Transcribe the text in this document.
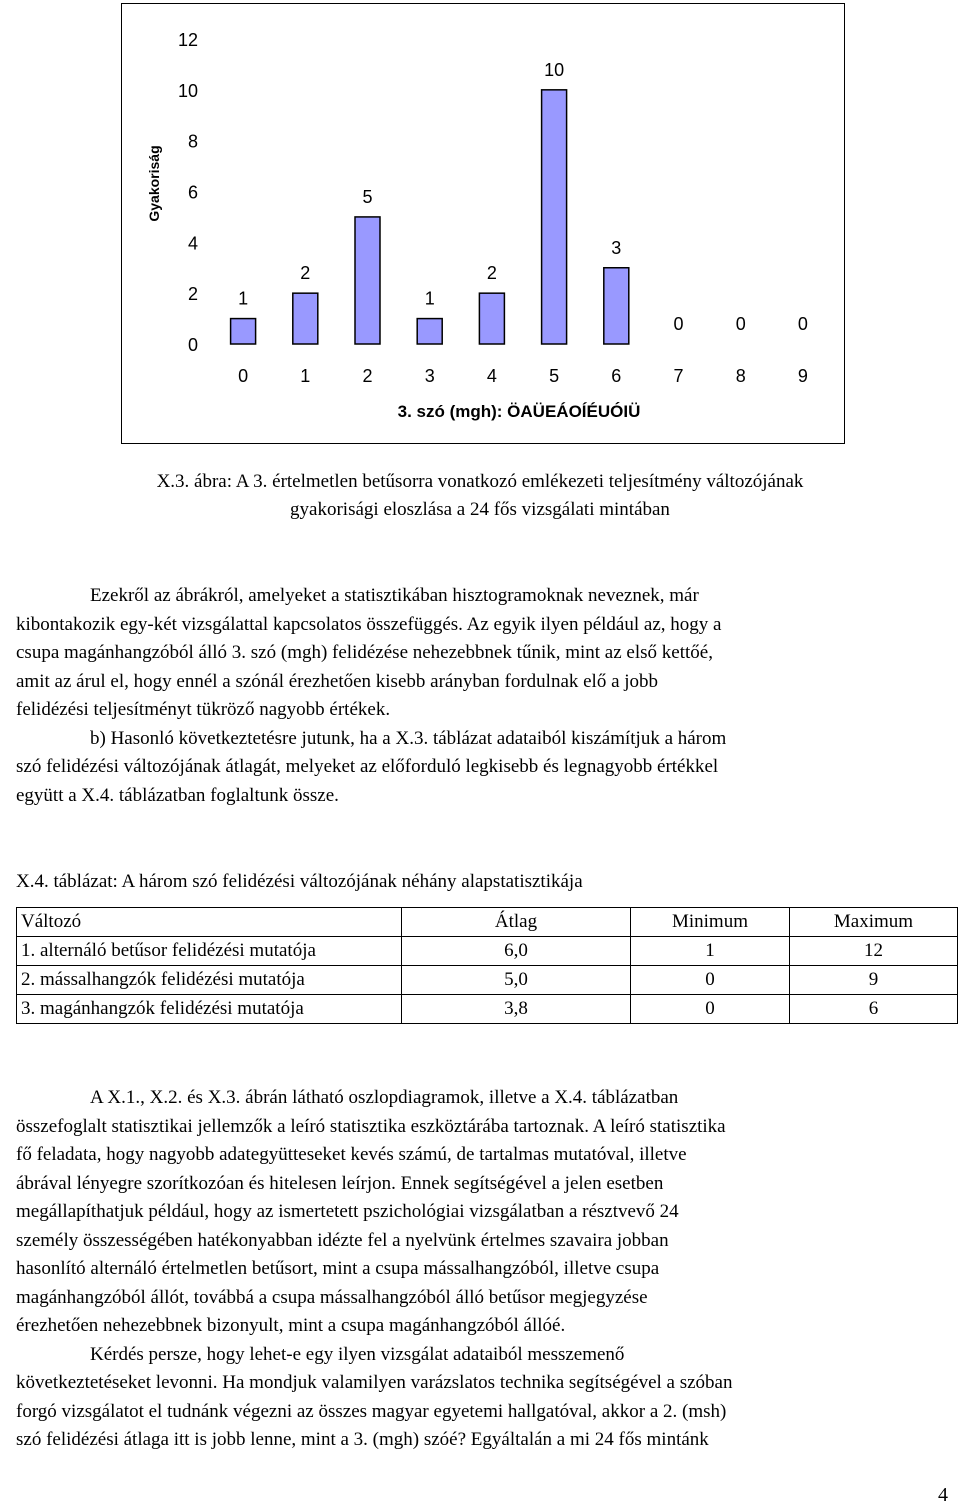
0
2
4
6
8
10
12
Gyakoriság
1
0
2
1
5
2
1
3
2
4
10
5
3
6
0
7
0
8
0
9
3. szó (mgh): ÖAÜEÁOÍÉUÓIÜ

X.3. ábra: A 3. értelmetlen betűsorra vonatkozó emlékezeti teljesítmény változójának
gyakorisági eloszlása a 24 fős vizsgálati mintában

Ezekről az ábrákról, amelyeket a statisztikában hisztogramoknak neveznek, már
kibontakozik egy-két vizsgálattal kapcsolatos összefüggés. Az egyik ilyen például az, hogy a
csupa magánhangzóból álló 3. szó (mgh) felidézése nehezebbnek tűnik, mint az első kettőé,
amit az árul el, hogy ennél a szónál érezhetően kisebb arányban fordulnak elő a jobb
felidézési teljesítményt tükröző nagyobb értékek.
b) Hasonló következtetésre jutunk, ha a X.3. táblázat adataiból kiszámítjuk a három
szó felidézési változójának átlagát, melyeket az előforduló legkisebb és legnagyobb értékkel
együtt a X.4. táblázatban foglaltunk össze.

X.4. táblázat: A három szó felidézési változójának néhány alapstatisztikája

Változó	Átlag	Minimum	Maximum
1. alternáló betűsor felidézési mutatója	6,0	1	12
2. mássalhangzók felidézési mutatója	5,0	0	9
3. magánhangzók felidézési mutatója	3,8	0	6
A X.1., X.2. és X.3. ábrán látható oszlopdiagramok, illetve a X.4. táblázatban
összefoglalt statisztikai jellemzők a leíró statisztika eszköztárába tartoznak. A leíró statisztika
fő feladata, hogy nagyobb adategyütteseket kevés számú, de tartalmas mutatóval, illetve
ábrával lényegre szorítkozóan és hitelesen leírjon. Ennek segítségével a jelen esetben
megállapíthatjuk például, hogy az ismertetett pszichológiai vizsgálatban a résztvevő 24
személy összességében hatékonyabban idézte fel a nyelvünk értelmes szavaira jobban
hasonlító alternáló értelmetlen betűsort, mint a csupa mássalhangzóból, illetve csupa
magánhangzóból állót, továbbá a csupa mássalhangzóból álló betűsor megjegyzése
érezhetően nehezebbnek bizonyult, mint a csupa magánhangzóból állóé.
Kérdés persze, hogy lehet-e egy ilyen vizsgálat adataiból messzemenő
következtetéseket levonni. Ha mondjuk valamilyen varázslatos technika segítségével a szóban
forgó vizsgálatot el tudnánk végezni az összes magyar egyetemi hallgatóval, akkor a 2. (msh)
szó felidézési átlaga itt is jobb lenne, mint a 3. (mgh) szóé? Egyáltalán a mi 24 fős mintánk
4
